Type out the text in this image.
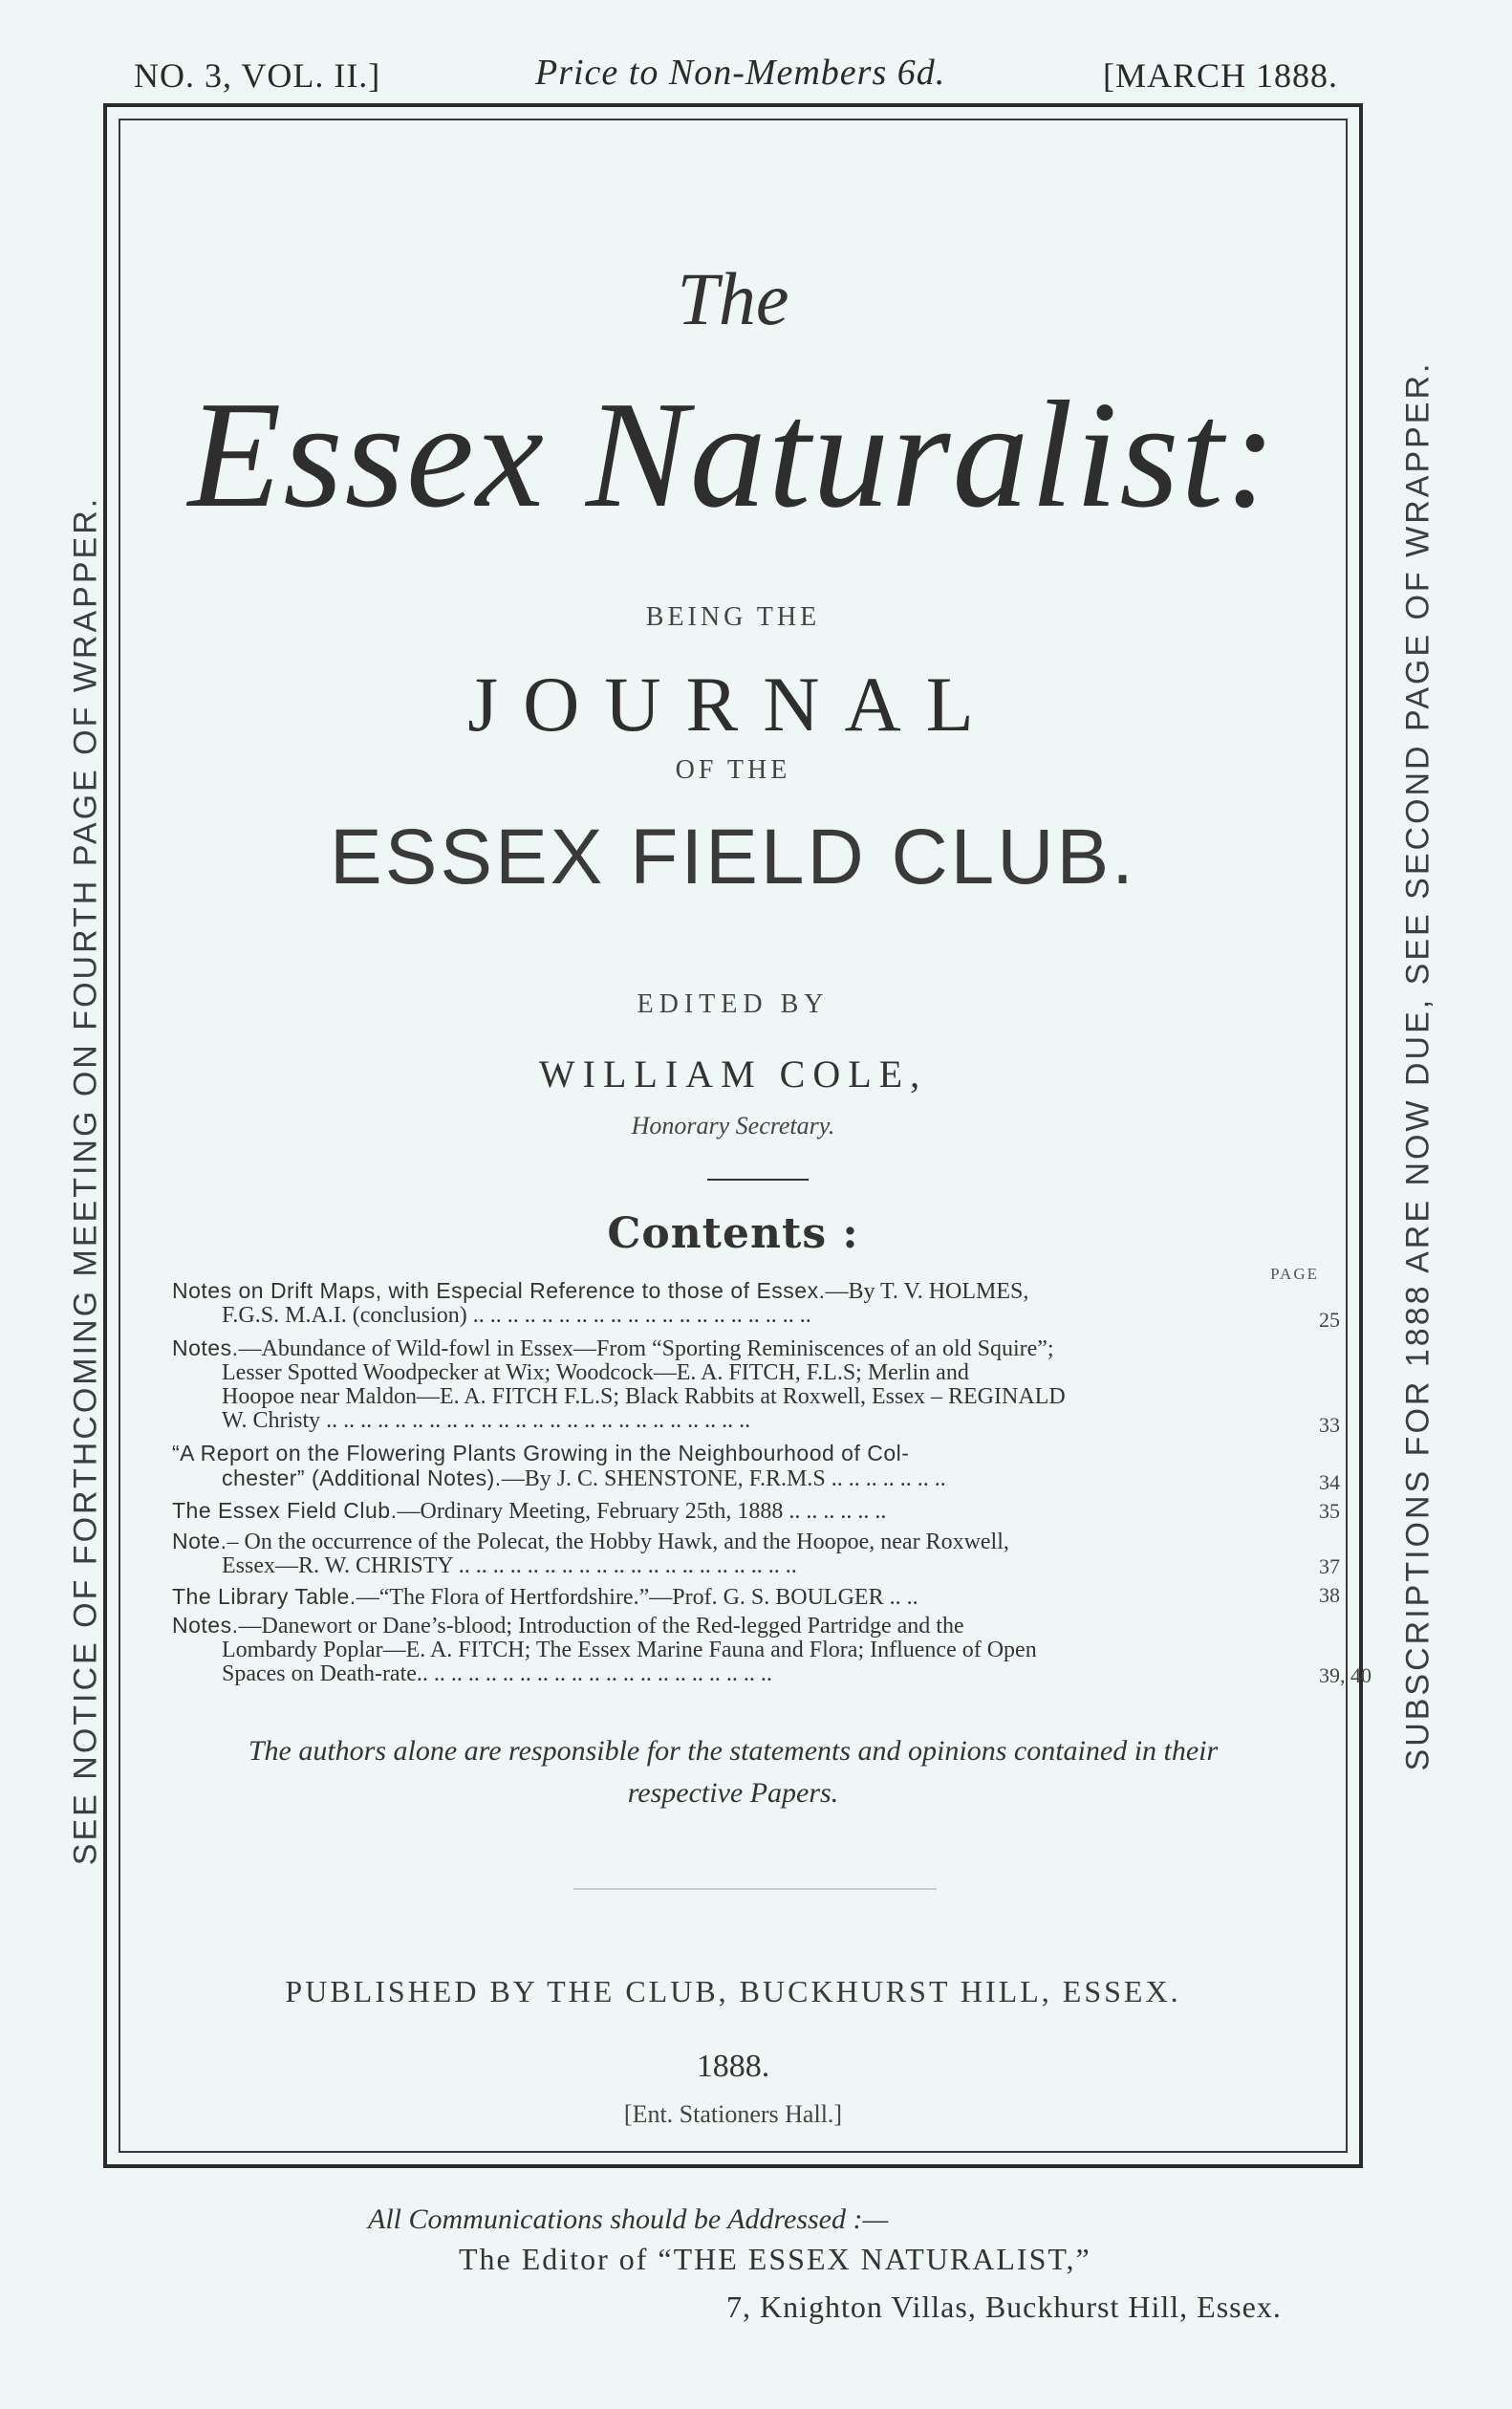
NO. 3, VOL. II.]	Price to Non-Members 6d.	[MARCH 1888.
SEE NOTICE OF FORTHCOMING MEETING ON FOURTH PAGE OF WRAPPER.	SUBSCRIPTIONS FOR 1888 ARE NOW DUE, SEE SECOND PAGE OF WRAPPER.
The
Essex Naturalist:
BEING THE
JOURNAL
OF THE
ESSEX FIELD CLUB.
EDITED BY
WILLIAM COLE,
Honorary Secretary.
Contents :
PAGE
Notes on Drift Maps, with Especial Reference to those of Essex.—By T. V. HOLMES,
F.G.S. M.A.I. (conclusion) .. .. .. .. .. .. .. .. .. .. .. .. .. .. .. .. .. .. .. ..	25
Notes.—Abundance of Wild-fowl in Essex—From “Sporting Reminiscences of an old Squire”;
Lesser Spotted Woodpecker at Wix; Woodcock—E. A. FITCH, F.L.S; Merlin and
Hoopoe near Maldon—E. A. FITCH F.L.S; Black Rabbits at Roxwell, Essex – REGINALD
W. Christy .. .. .. .. .. .. .. .. .. .. .. .. .. .. .. .. .. .. .. .. .. .. .. .. ..	33
“A Report on the Flowering Plants Growing in the Neighbourhood of Col-
chester” (Additional Notes).—By J. C. SHENSTONE, F.R.M.S .. .. .. .. .. .. ..	34
The Essex Field Club.—Ordinary Meeting, February 25th, 1888 .. .. .. .. .. ..	35
Note.– On the occurrence of the Polecat, the Hobby Hawk, and the Hoopoe, near Roxwell,
Essex—R. W. CHRISTY .. .. .. .. .. .. .. .. .. .. .. .. .. .. .. .. .. .. .. ..	37
The Library Table.—“The Flora of Hertfordshire.”—Prof. G. S. BOULGER .. ..	38
Notes.—Danewort or Dane’s-blood; Introduction of the Red-legged Partridge and the
Lombardy Poplar—E. A. FITCH; The Essex Marine Fauna and Flora; Influence of Open
Spaces on Death-rate.. .. .. .. .. .. .. .. .. .. .. .. .. .. .. .. .. .. .. .. ..	39, 40
The authors alone are responsible for the statements and opinions contained in their
respective Papers.
PUBLISHED BY THE CLUB, BUCKHURST HILL, ESSEX.
1888.
[Ent. Stationers Hall.]
All Communications should be Addressed :—
The Editor of “THE ESSEX NATURALIST,”
7, Knighton Villas, Buckhurst Hill, Essex.
